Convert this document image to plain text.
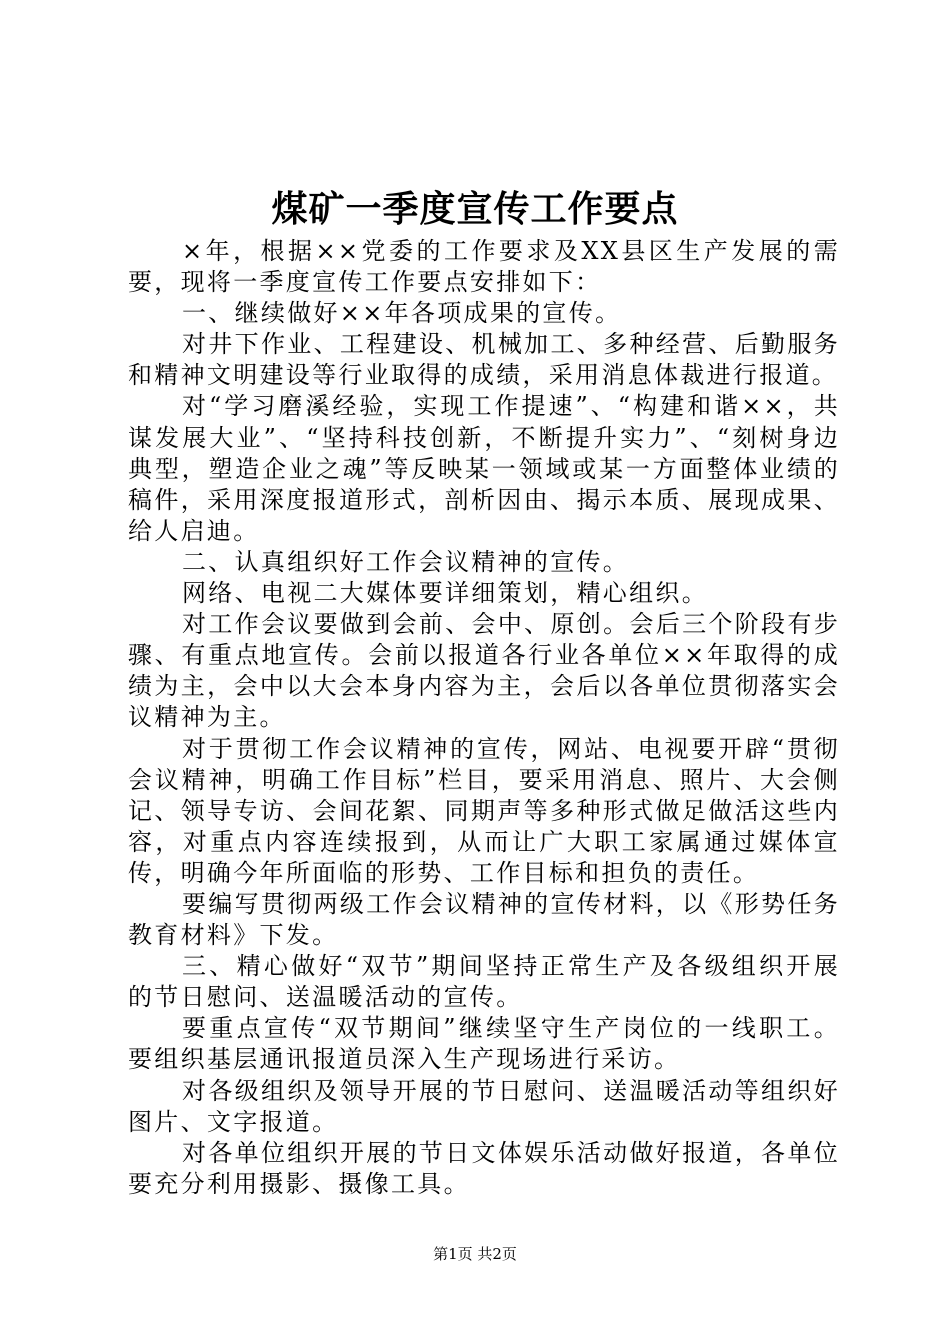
煤矿一季度宣传工作要点

×年，根据××党委的工作要求及XX县区生产发展的需要，现将一季度宣传工作要点安排如下：

一、继续做好××年各项成果的宣传。

对井下作业、工程建设、机械加工、多种经营、后勤服务和精神文明建设等行业取得的成绩，采用消息体裁进行报道。

对“学习磨溪经验，实现工作提速”、“构建和谐××，共谋发展大业”、“坚持科技创新，不断提升实力”、“刻树身边典型，塑造企业之魂”等反映某一领域或某一方面整体业绩的稿件，采用深度报道形式，剖析因由、揭示本质、展现成果、给人启迪。

二、认真组织好工作会议精神的宣传。

网络、电视二大媒体要详细策划，精心组织。

对工作会议要做到会前、会中、原创。会后三个阶段有步骤、有重点地宣传。会前以报道各行业各单位××年取得的成绩为主，会中以大会本身内容为主，会后以各单位贯彻落实会议精神为主。

对于贯彻工作会议精神的宣传，网站、电视要开辟“贯彻会议精神，明确工作目标”栏目，要采用消息、照片、大会侧记、领导专访、会间花絮、同期声等多种形式做足做活这些内容，对重点内容连续报到，从而让广大职工家属通过媒体宣传，明确今年所面临的形势、工作目标和担负的责任。

要编写贯彻两级工作会议精神的宣传材料，以《形势任务教育材料》下发。

三、精心做好“双节”期间坚持正常生产及各级组织开展的节日慰问、送温暖活动的宣传。

要重点宣传“双节期间”继续坚守生产岗位的一线职工。要组织基层通讯报道员深入生产现场进行采访。

对各级组织及领导开展的节日慰问、送温暖活动等组织好图片、文字报道。

对各单位组织开展的节日文体娱乐活动做好报道，各单位要充分利用摄影、摄像工具。

第1页 共2页
